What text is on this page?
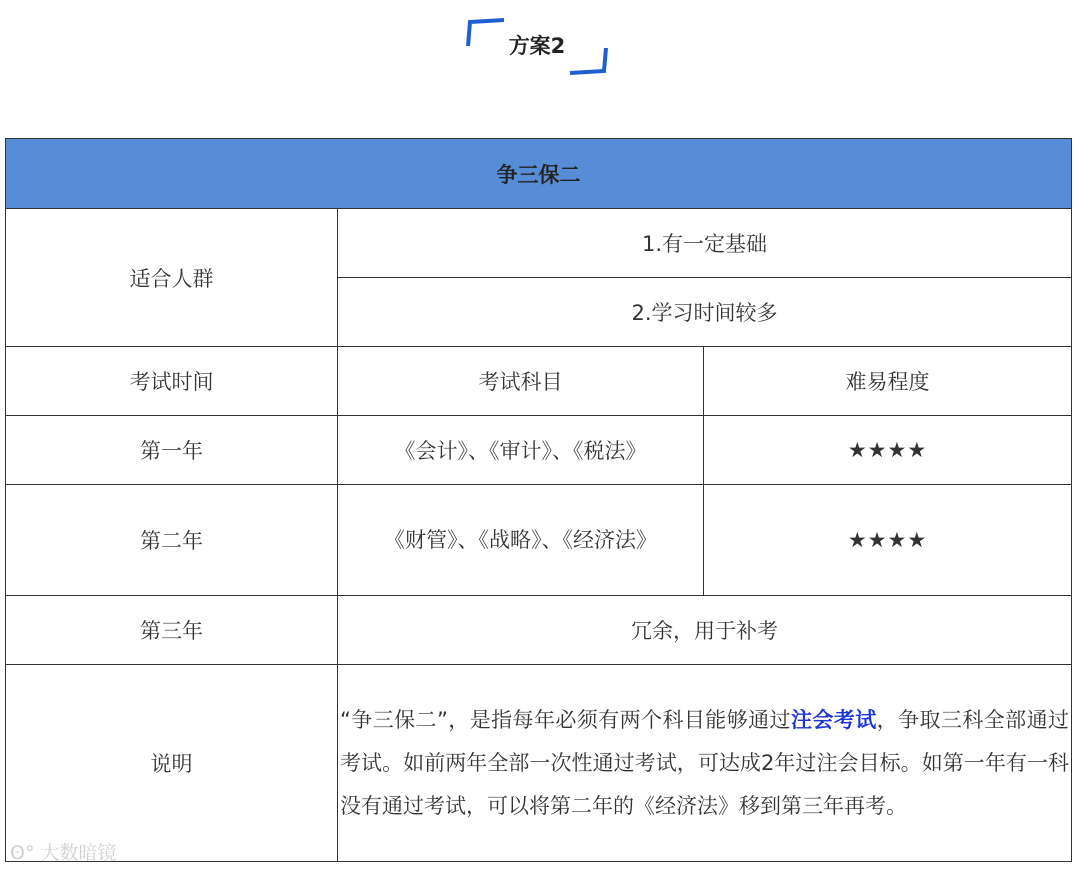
方案2
争三保二		
适合人群	1.有一定基础	
	2.学习时间较多	
考试时间	考试科目	难易程度
第一年	《会计》、《审计》、《税法》	★★★★
第二年	《财管》、《战略》、《经济法》	★★★★
第三年	冗余，用于补考	
说明	“争三保二”，是指每年必须有两个科目能够通过注会考试，争取三科全部通过考试。如前两年全部一次性通过考试，可达成2年过注会目标。如第一年有一科没有通过考试，可以将第二年的《经济法》移到第三年再考。	
ʘ° 大数暗镜
